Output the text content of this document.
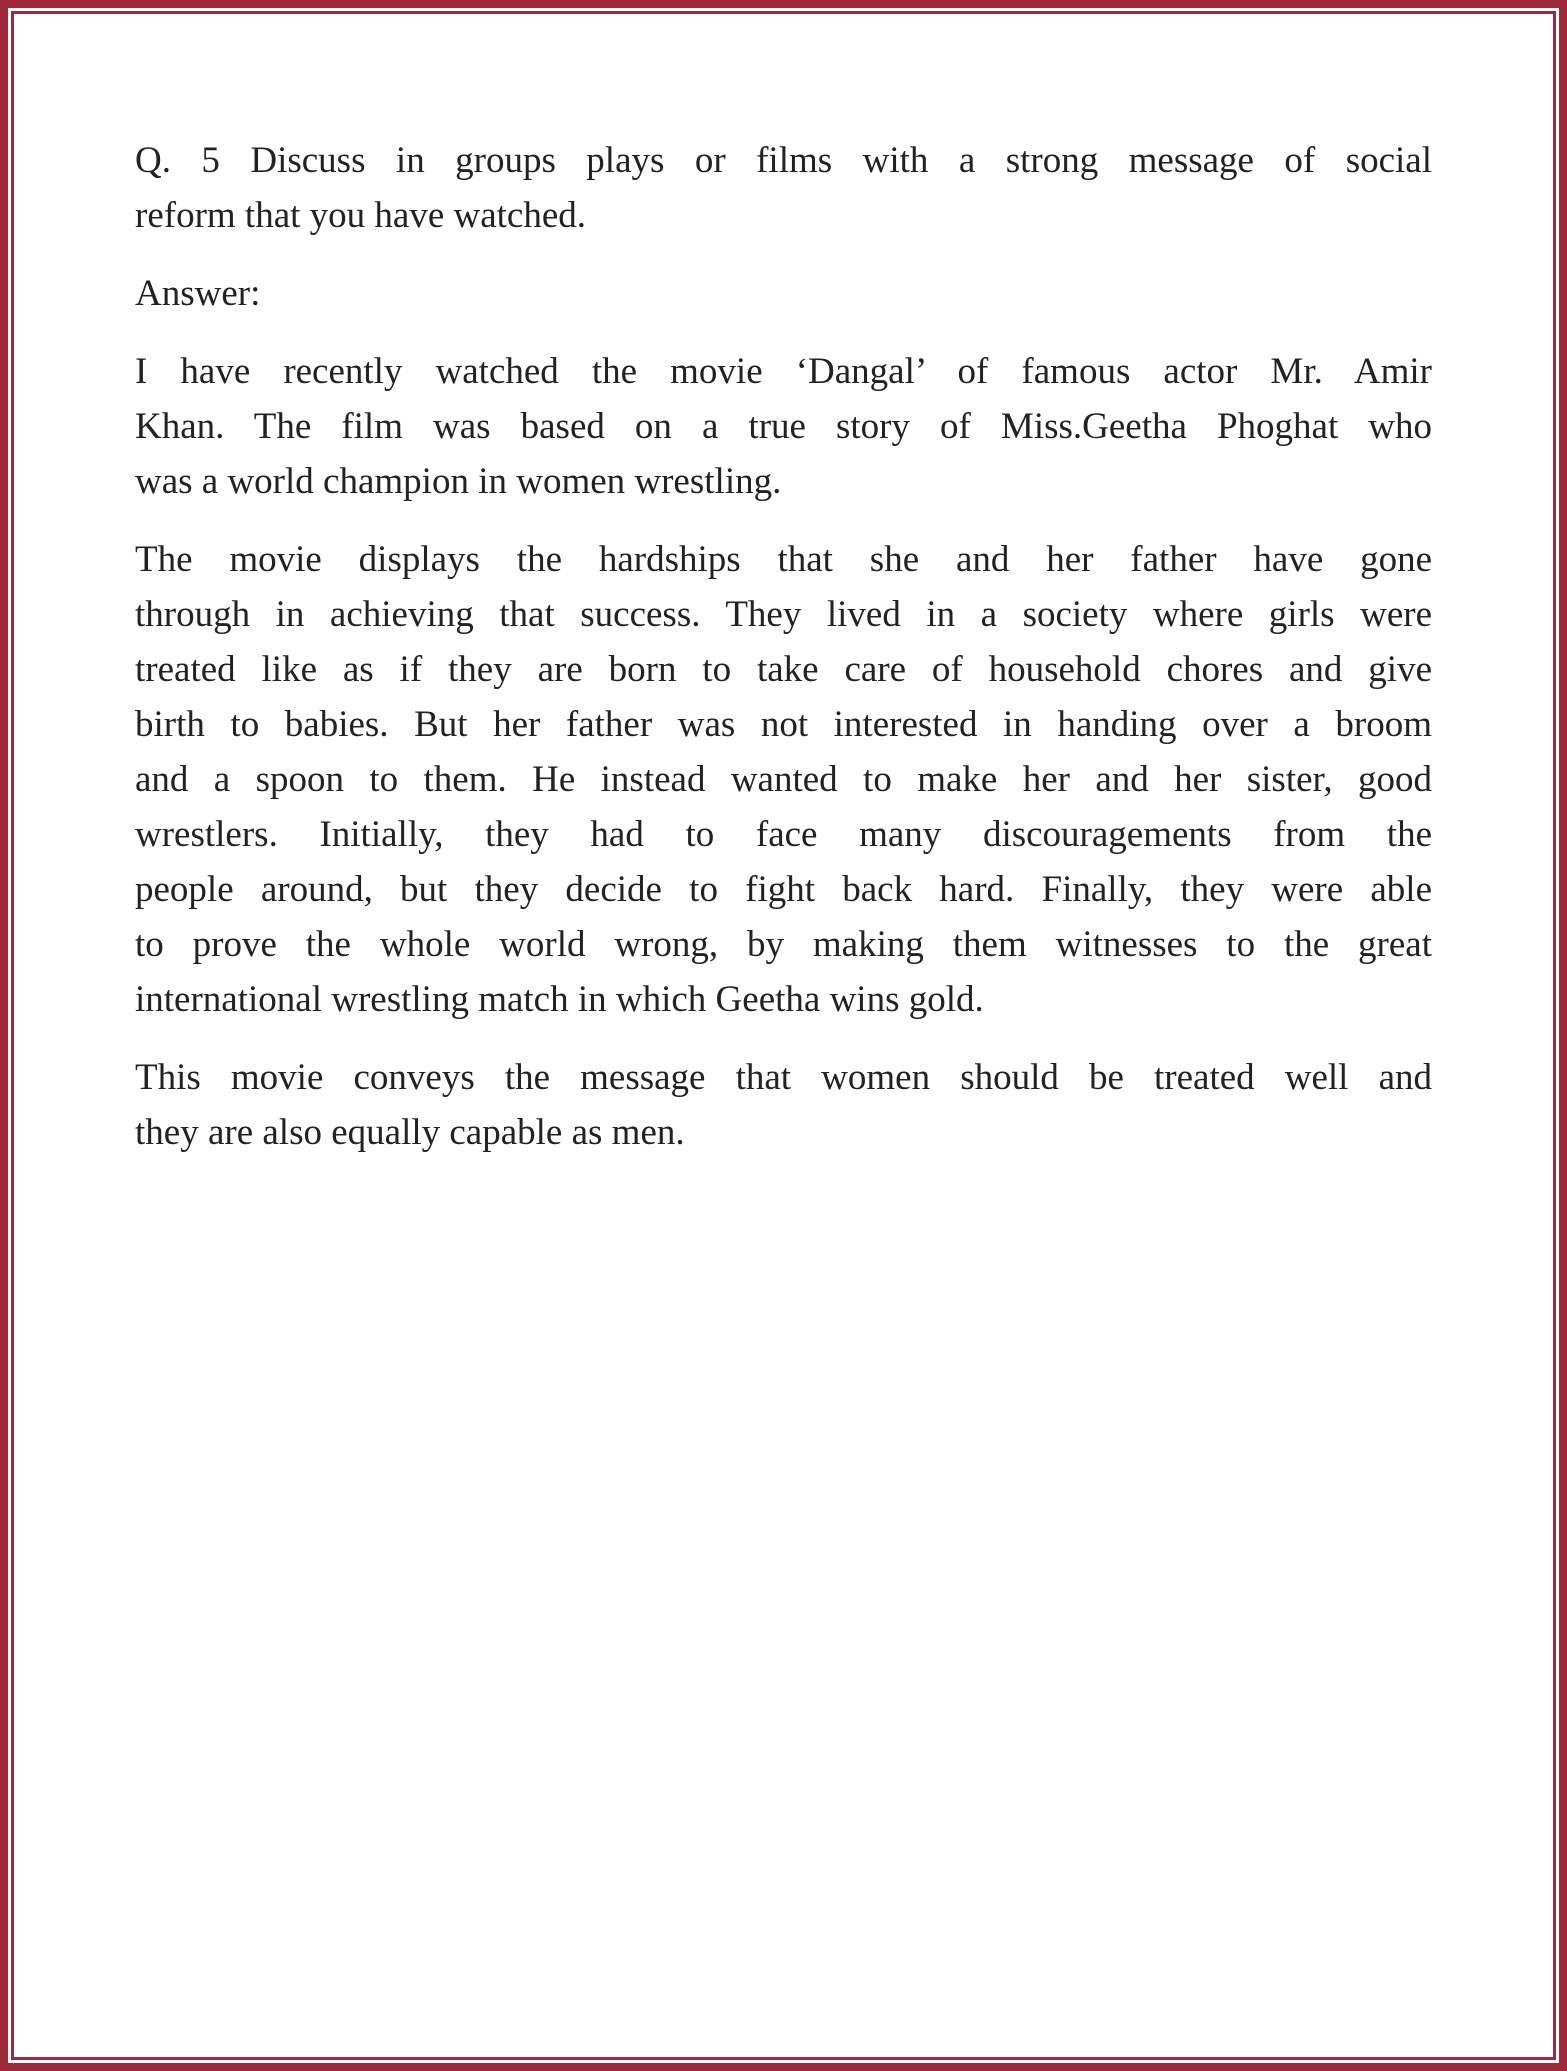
Q. 5 Discuss in groups plays or films with a strong message of social
reform that you have watched.
Answer:
I have recently watched the movie ‘Dangal’ of famous actor Mr. Amir
Khan. The film was based on a true story of Miss.Geetha Phoghat who
was a world champion in women wrestling.
The movie displays the hardships that she and her father have gone
through in achieving that success. They lived in a society where girls were
treated like as if they are born to take care of household chores and give
birth to babies. But her father was not interested in handing over a broom
and a spoon to them. He instead wanted to make her and her sister, good
wrestlers. Initially, they had to face many discouragements from the
people around, but they decide to fight back hard. Finally, they were able
to prove the whole world wrong, by making them witnesses to the great
international wrestling match in which Geetha wins gold.
This movie conveys the message that women should be treated well and
they are also equally capable as men.
